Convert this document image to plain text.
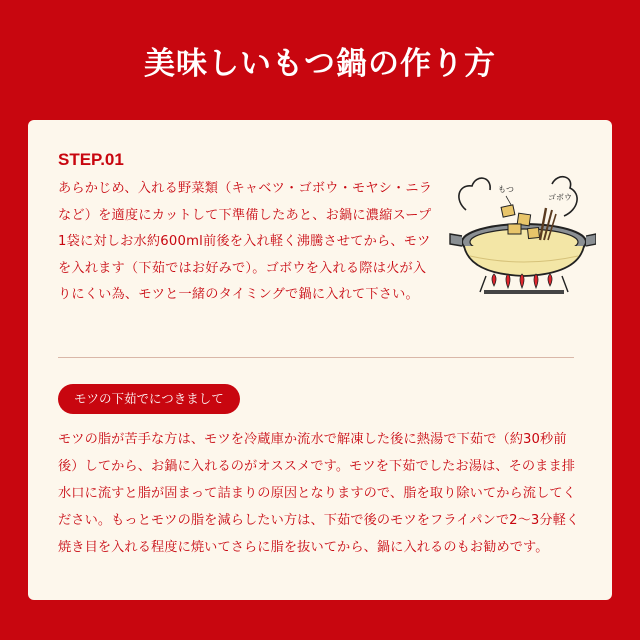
美味しいもつ鍋の作り方
STEP.01
あらかじめ、入れる野菜類（キャベツ・ゴボウ・モヤシ・ニラなど）を適度にカットして下準備したあと、お鍋に濃縮スープ1袋に対しお水約600ml前後を入れ軽く沸騰させてから、モツを入れます（下茹ではお好みで）。ゴボウを入れる際は火が入りにくい為、モツと一緒のタイミングで鍋に入れて下さい。
もつ
ゴボウ
モツの下茹でにつきまして
モツの脂が苦手な方は、モツを冷蔵庫か流水で解凍した後に熱湯で下茹で（約30秒前後）してから、お鍋に入れるのがオススメです。モツを下茹でしたお湯は、そのまま排水口に流すと脂が固まって詰まりの原因となりますので、脂を取り除いてから流してください。もっとモツの脂を減らしたい方は、下茹で後のモツをフライパンで2〜3分軽く焼き目を入れる程度に焼いてさらに脂を抜いてから、鍋に入れるのもお勧めです。
